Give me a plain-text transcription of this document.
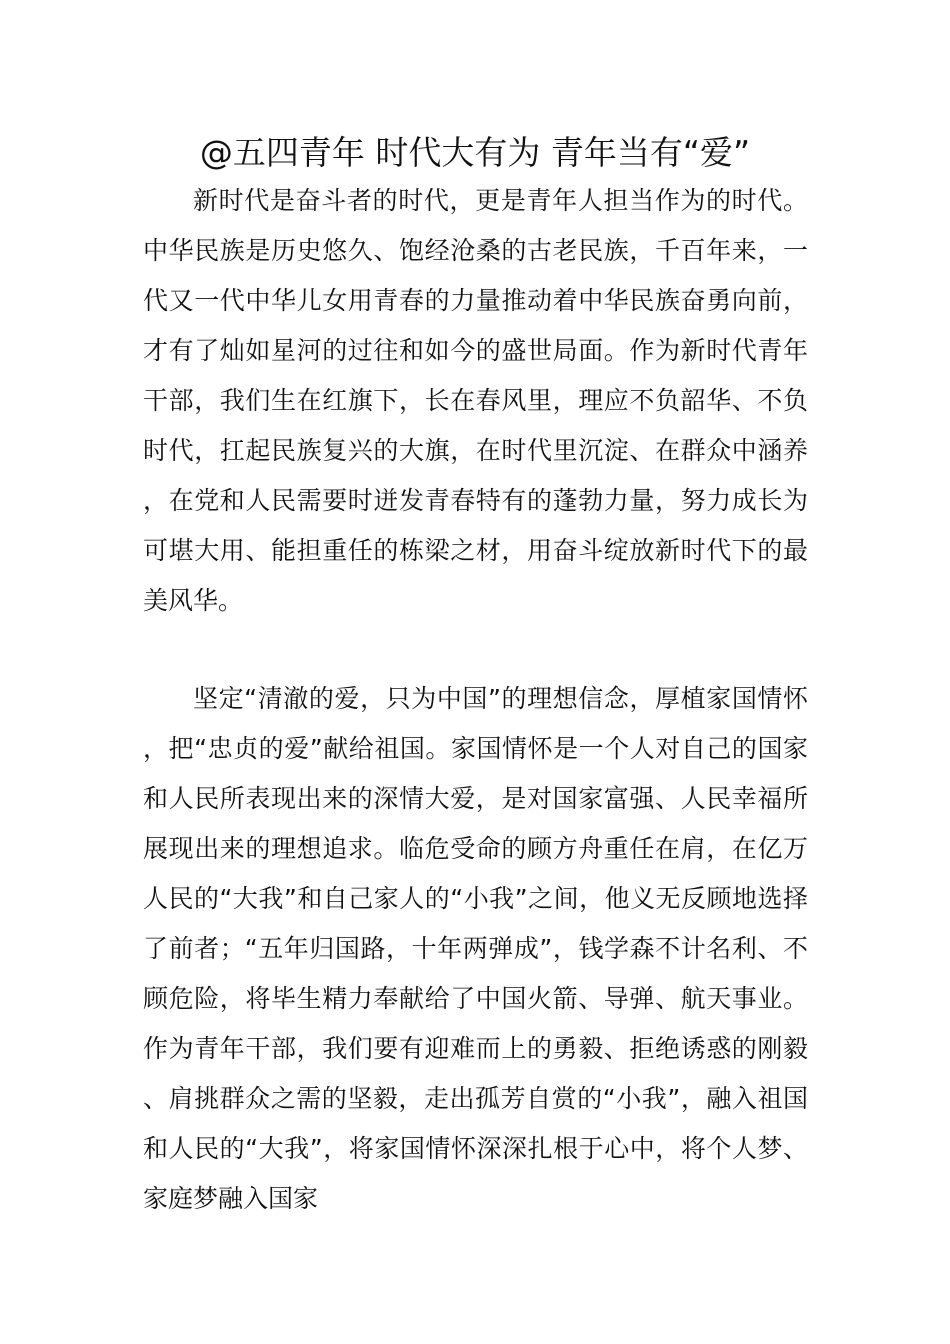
@五四青年 时代大有为 青年当有“爱”

新时代是奋斗者的时代，更是青年人担当作为的时代。中华民族是历史悠久、饱经沧桑的古老民族，千百年来，一代又一代中华儿女用青春的力量推动着中华民族奋勇向前，才有了灿如星河的过往和如今的盛世局面。作为新时代青年干部，我们生在红旗下，长在春风里，理应不负韶华、不负时代，扛起民族复兴的大旗，在时代里沉淀、在群众中涵养，在党和人民需要时迸发青春特有的蓬勃力量，努力成长为可堪大用、能担重任的栋梁之材，用奋斗绽放新时代下的最美风华。

坚定“清澈的爱，只为中国”的理想信念，厚植家国情怀，把“忠贞的爱”献给祖国。家国情怀是一个人对自己的国家和人民所表现出来的深情大爱，是对国家富强、人民幸福所展现出来的理想追求。临危受命的顾方舟重任在肩，在亿万人民的“大我”和自己家人的“小我”之间，他义无反顾地选择了前者；“五年归国路，十年两弹成”，钱学森不计名利、不顾危险，将毕生精力奉献给了中国火箭、导弹、航天事业。作为青年干部，我们要有迎难而上的勇毅、拒绝诱惑的刚毅、肩挑群众之需的坚毅，走出孤芳自赏的“小我”，融入祖国和人民的“大我”，将家国情怀深深扎根于心中，将个人梦、家庭梦融入国家
